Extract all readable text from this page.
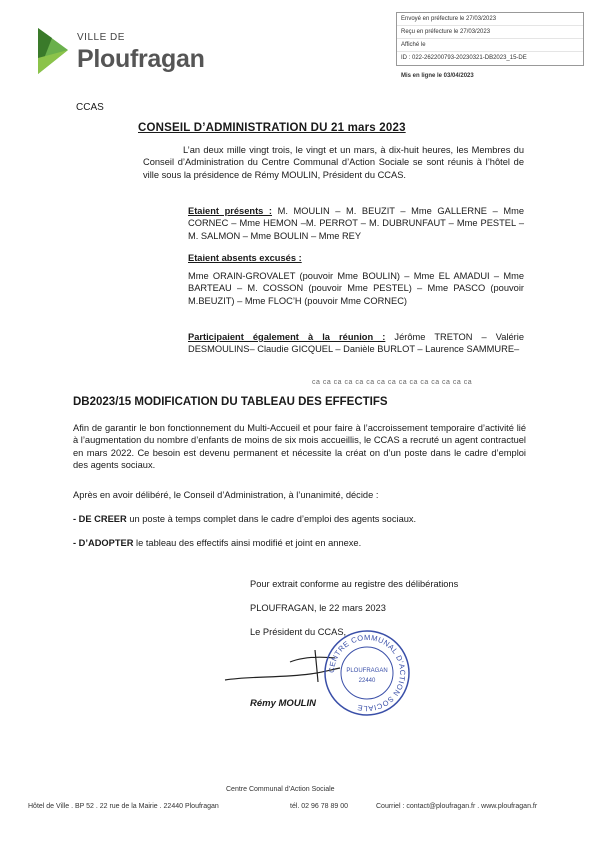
VILLE DE
Ploufragan
Envoyé en préfecture le 27/03/2023
Reçu en préfecture le 27/03/2023
Affiché le
ID : 022-262200793-20230321-DB2023_15-DE
Mis en ligne le 03/04/2023
CCAS
CONSEIL D’ADMINISTRATION DU 21 mars 2023
L’an deux mille vingt trois, le vingt et un mars, à dix-huit heures, les Membres du Conseil d’Administration du Centre Communal d’Action Sociale se sont réunis à l’hôtel de ville sous la présidence de Rémy MOULIN, Président du CCAS.
Etaient présents : M. MOULIN – M. BEUZIT – Mme GALLERNE – Mme CORNEC – Mme HEMON –M. PERROT – M. DUBRUNFAUT – Mme PESTEL – M. SALMON – Mme BOULIN – Mme REY
Etaient absents excusés :
Mme ORAIN-GROVALET (pouvoir Mme BOULIN) – Mme EL AMADUI – Mme BARTEAU – M. COSSON (pouvoir Mme PESTEL) – Mme PASCO (pouvoir M.BEUZIT) – Mme FLOC’H (pouvoir Mme CORNEC)
Participaient également à la réunion : Jérôme TRETON – Valérie DESMOULINS– Claudie GICQUEL – Danièle BURLOT – Laurence SAMMURE–
ca ca ca ca ca ca ca ca ca ca ca ca ca ca ca
DB2023/15 MODIFICATION DU TABLEAU DES EFFECTIFS
Afin de garantir le bon fonctionnement du Multi-Accueil et pour faire à l’accroissement temporaire d’activité lié à l’augmentation du nombre d’enfants de moins de six mois accueillis, le CCAS a recruté un agent contractuel en mars 2022. Ce besoin est devenu permanent et nécessite la créat on d’un poste dans le cadre d’emploi des agents sociaux.
Après en avoir délibéré, le Conseil d’Administration, à l’unanimité, décide :
- DE CREER un poste à temps complet dans le cadre d’emploi des agents sociaux.
- D’ADOPTER le tableau des effectifs ainsi modifié et joint en annexe.
Pour extrait conforme au registre des délibérations
PLOUFRAGAN, le 22 mars 2023
Le Président du CCAS,
CENTRE COMMUNAL D’ACTION SOCIALE
PLOUFRAGAN
22440
Rémy MOULIN
Centre Communal d’Action Sociale
Hôtel de Ville . BP 52 . 22 rue de la Mairie . 22440 Ploufragan	tél. 02 96 78 89 00	Courriel : contact@ploufragan.fr . www.ploufragan.fr
